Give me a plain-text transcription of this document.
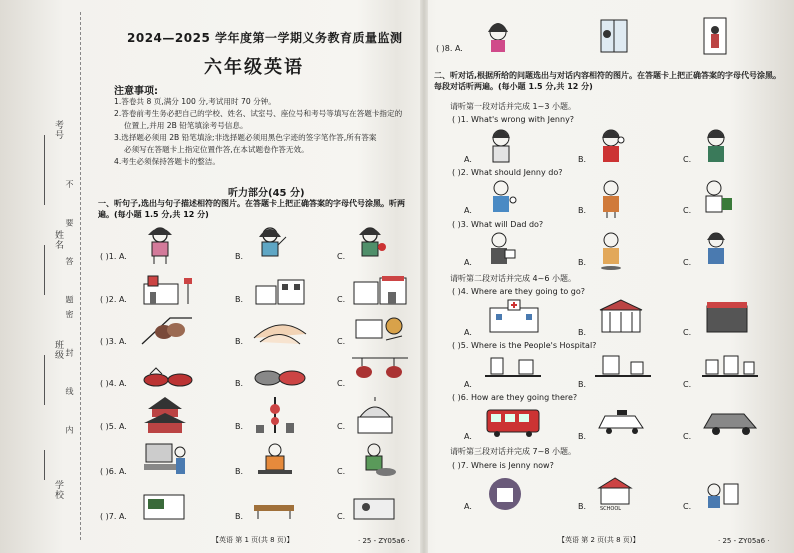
考号
姓名
班级
学校
不 要 答 题
密 封 线 内
2024—2025 学年度第一学期义务教育质量监测
六年级英语
注意事项:
1.答卷共 8 页,满分 100 分,考试用时 70 分钟。
2.答卷前考生务必把自己的学校、姓名、试室号、座位号和考号等填写在答题卡指定的
位置上,并用 2B 铅笔填涂考号信息。
3.选择题必须用 2B 铅笔填涂;非选择题必须用黑色字迹的签字笔作答,所有答案
必须写在答题卡上指定位置作答,在本试题卷作答无效。
4.考生必须保持答题卡的整洁。
听力部分(45 分)
一、听句子,选出与句子描述相符的图片。在答题卡上把正确答案的字母代号涂黑。听两遍。(每小题 1.5 分,共 12 分)
( )1. A.	B.	C.
( )2. A.	B.	C.
( )3. A.	B.	C.
( )4. A.	B.	C.
( )5. A.	B.	C.
( )6. A.	B.	C.
( )7. A.	B.	C.
【英语 第 1 页(共 8 页)】	· 25 - ZY05a6 ·
( )8. A.
二、听对话,根据所给的问题选出与对话内容相符的图片。在答题卡上把正确答案的字母代号涂黑。每段对话听两遍。(每小题 1.5 分,共 12 分)
请听第一段对话并完成 1~3 小题。
( )1. What's wrong with Jenny?
A.	B.	C.
( )2. What should Jenny do?
A.	B.	C.
( )3. What will Dad do?
A.	B.	C.
请听第二段对话并完成 4~6 小题。
( )4. Where are they going to go?
A.	B.	C.
( )5. Where is the People's Hospital?
A.	B.	C.
( )6. How are they going there?
A.	B.	C.
请听第三段对话并完成 7~8 小题。
( )7. Where is Jenny now?
A.	B.	SCHOOL	C.
【英语 第 2 页(共 8 页)】	· 25 - ZY05a6 ·
